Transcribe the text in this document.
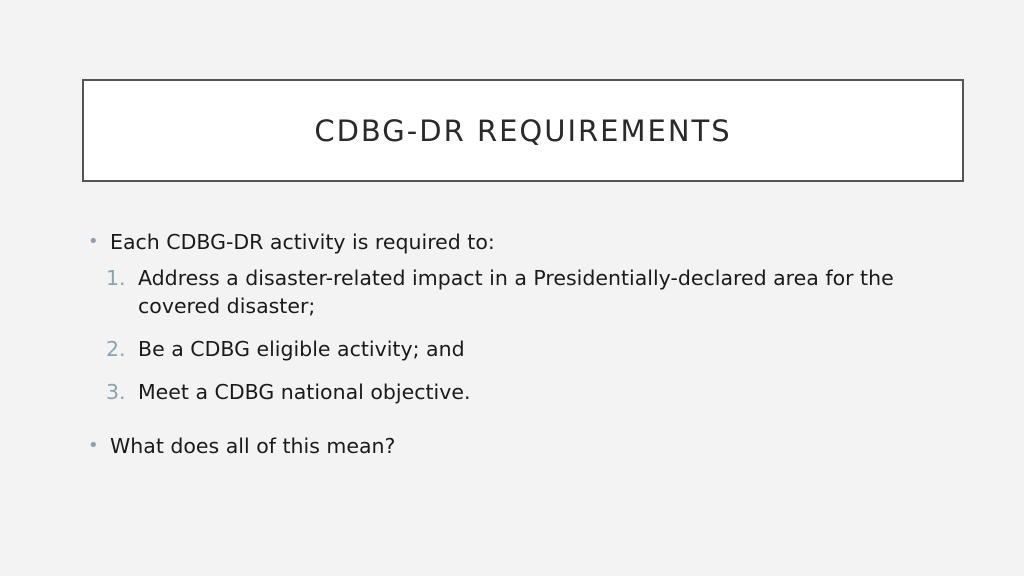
CDBG-DR REQUIREMENTS
• Each CDBG-DR activity is required to:
1. Address a disaster-related impact in a Presidentially-declared area for the covered disaster;
2. Be a CDBG eligible activity; and
3. Meet a CDBG national objective.
• What does all of this mean?
